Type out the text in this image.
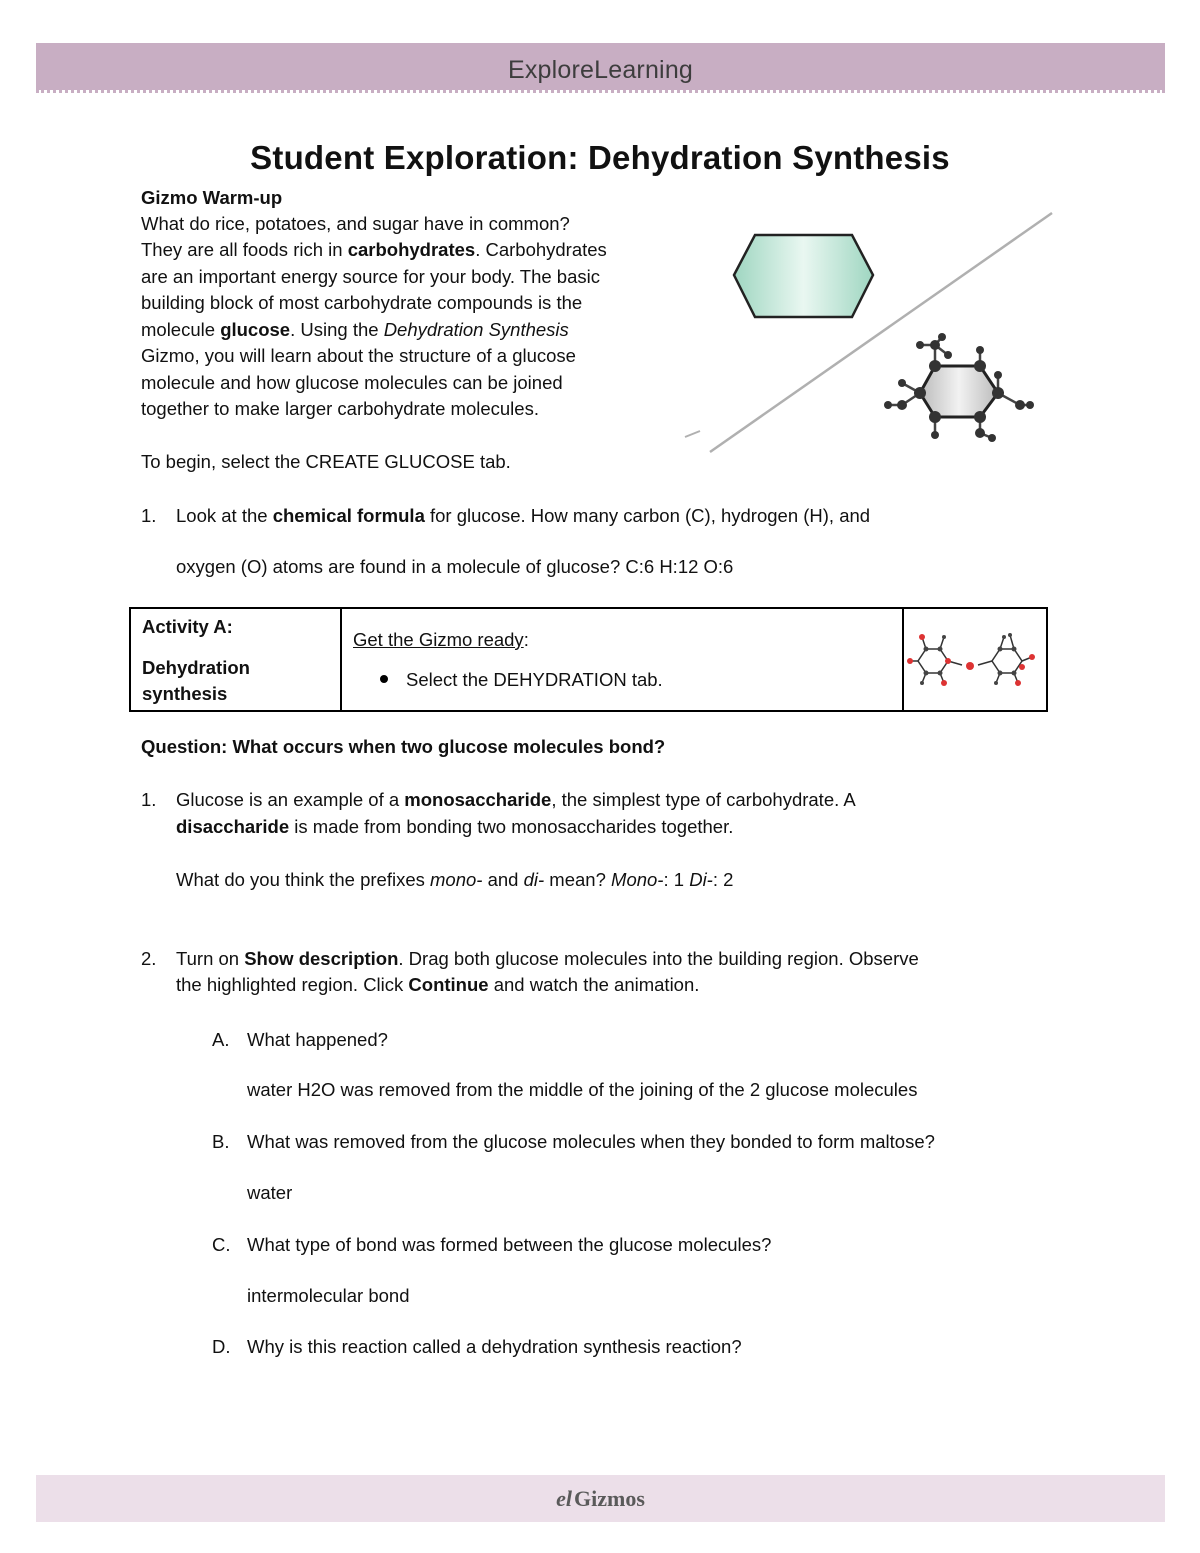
ExploreLearning
Student Exploration: Dehydration Synthesis
Gizmo Warm-up
What do rice, potatoes, and sugar have in common?
They are all foods rich in carbohydrates. Carbohydrates
are an important energy source for your body. The basic
building block of most carbohydrate compounds is the
molecule glucose. Using the Dehydration Synthesis
Gizmo, you will learn about the structure of a glucose
molecule and how glucose molecules can be joined
together to make larger carbohydrate molecules.
To begin, select the CREATE GLUCOSE tab.
1. Look at the chemical formula for glucose. How many carbon (C), hydrogen (H), and
oxygen (O) atoms are found in a molecule of glucose? C:6 H:12 O:6
Activity A:
Dehydration
synthesis

Get the Gizmo ready:
Select the DEHYDRATION tab.

Question: What occurs when two glucose molecules bond?
1. Glucose is an example of a monosaccharide, the simplest type of carbohydrate. A
disaccharide is made from bonding two monosaccharides together.
What do you think the prefixes mono- and di- mean? Mono-: 1 Di-: 2
2. Turn on Show description. Drag both glucose molecules into the building region. Observe
the highlighted region. Click Continue and watch the animation.
A. What happened?
water H2O was removed from the middle of the joining of the 2 glucose molecules
B. What was removed from the glucose molecules when they bonded to form maltose?
water
C. What type of bond was formed between the glucose molecules?
intermolecular bond
D. Why is this reaction called a dehydration synthesis reaction?
elGizmos
